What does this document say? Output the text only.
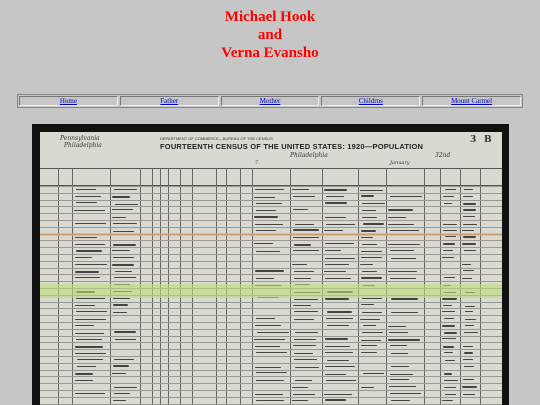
Michael Hook
and
Verna Evansho
Home	Father	Mother	Childrns	Mount Carmel
DEPARTMENT OF COMMERCE—BUREAU OF THE CENSUS
FOURTEENTH CENSUS OF THE UNITED STATES: 1920—POPULATION
Pennsylvania
Philadelphia
Philadelphia	32nd
7	January
3 B
